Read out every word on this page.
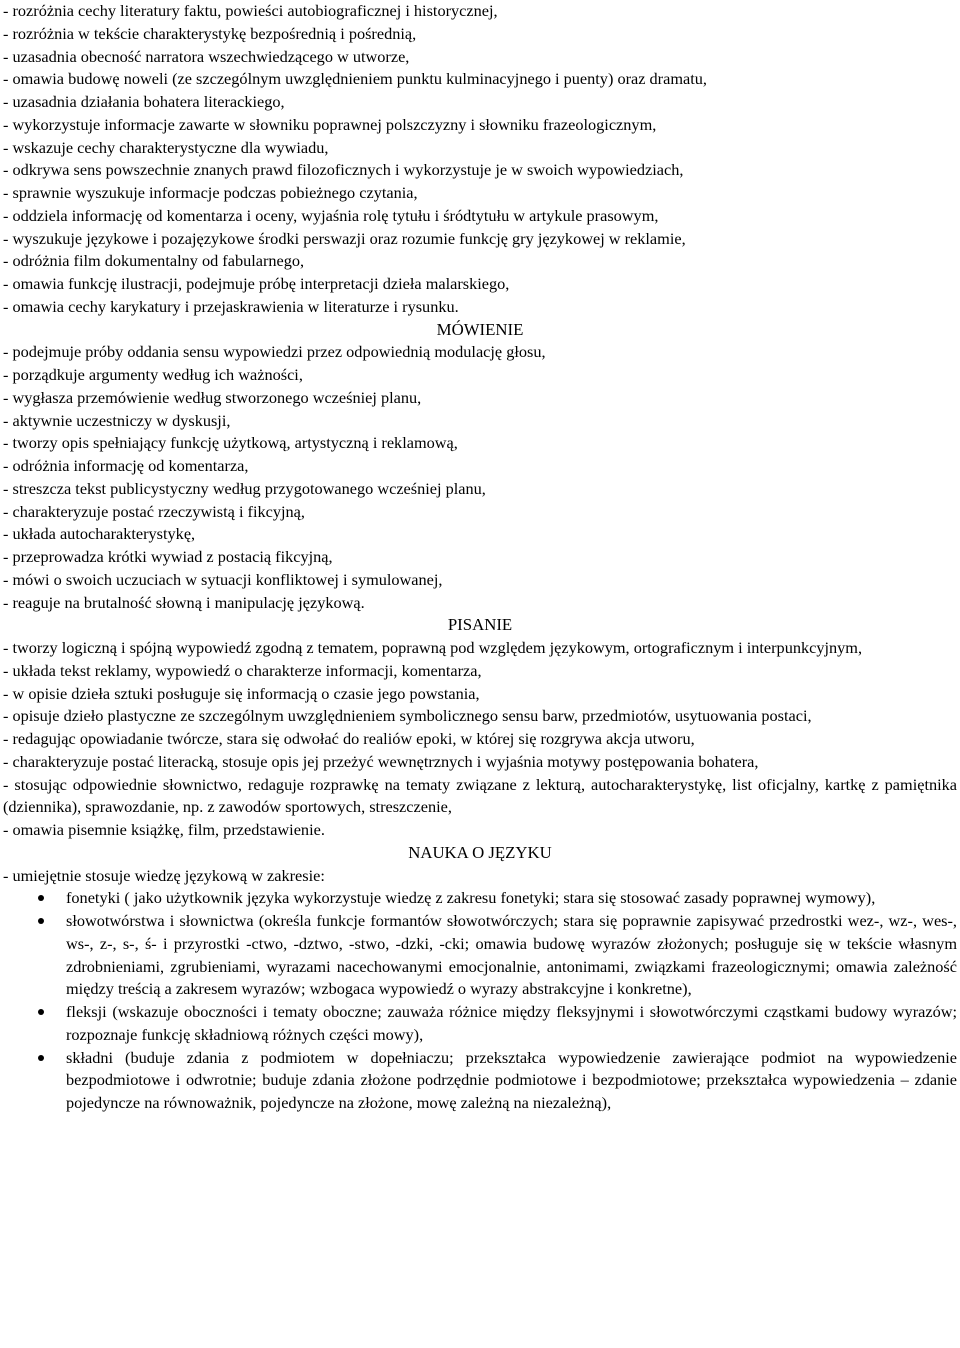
- rozróżnia cechy literatury faktu, powieści autobiograficznej i historycznej,

- rozróżnia w tekście charakterystykę bezpośrednią i pośrednią,

- uzasadnia obecność narratora wszechwiedzącego w utworze,

- omawia budowę noweli (ze szczególnym uwzględnieniem punktu kulminacyjnego i puenty) oraz dramatu,

- uzasadnia działania bohatera literackiego,

- wykorzystuje informacje zawarte w słowniku poprawnej polszczyzny i słowniku frazeologicznym,

- wskazuje cechy charakterystyczne dla wywiadu,

- odkrywa sens powszechnie znanych prawd filozoficznych i wykorzystuje je w swoich wypowiedziach,

- sprawnie wyszukuje informacje podczas pobieżnego czytania,

- oddziela informację od komentarza i oceny, wyjaśnia rolę tytułu i śródtytułu w artykule prasowym,

- wyszukuje językowe i pozajęzykowe środki perswazji oraz rozumie funkcję gry językowej w reklamie,

- odróżnia film dokumentalny od fabularnego,

- omawia funkcję ilustracji, podejmuje próbę interpretacji dzieła malarskiego,

- omawia cechy karykatury i przejaskrawienia w literaturze i rysunku.

MÓWIENIE

- podejmuje próby oddania sensu wypowiedzi przez odpowiednią modulację głosu,

- porządkuje argumenty według ich ważności,

- wygłasza przemówienie według stworzonego wcześniej planu,

- aktywnie uczestniczy w dyskusji,

- tworzy opis spełniający funkcję użytkową, artystyczną i reklamową,

- odróżnia informację od komentarza,

- streszcza tekst publicystyczny według przygotowanego wcześniej planu,

- charakteryzuje postać rzeczywistą i fikcyjną,

- układa autocharakterystykę,

- przeprowadza krótki wywiad z postacią fikcyjną,

- mówi o swoich uczuciach w sytuacji konfliktowej i symulowanej,

- reaguje na brutalność słowną i manipulację językową.

PISANIE

- tworzy logiczną i spójną wypowiedź zgodną z tematem, poprawną pod względem językowym, ortograficznym i interpunkcyjnym,

- układa tekst reklamy, wypowiedź o charakterze informacji, komentarza,

- w opisie dzieła sztuki posługuje się informacją o czasie jego powstania,

- opisuje dzieło plastyczne ze szczególnym uwzględnieniem symbolicznego sensu barw, przedmiotów, usytuowania postaci,

- redagując opowiadanie twórcze, stara się odwołać do realiów epoki, w której się rozgrywa akcja utworu,

- charakteryzuje postać literacką, stosuje opis jej przeżyć wewnętrznych i wyjaśnia motywy postępowania bohatera,

- stosując odpowiednie słownictwo, redaguje rozprawkę na tematy związane z lekturą, autocharakterystykę, list oficjalny, kartkę z pamiętnika (dziennika), sprawozdanie, np. z zawodów sportowych, streszczenie,

- omawia pisemnie książkę, film, przedstawienie.

NAUKA O JĘZYKU

- umiejętnie stosuje wiedzę językową w zakresie:

fonetyki ( jako użytkownik języka wykorzystuje wiedzę z zakresu fonetyki; stara się stosować zasady poprawnej wymowy),
słowotwórstwa i słownictwa (określa funkcje formantów słowotwórczych; stara się poprawnie zapisywać przedrostki wez-, wz-, wes-, ws-, z-, s-, ś- i przyrostki -ctwo, -dztwo, -stwo, -dzki, -cki; omawia budowę wyrazów złożonych; posługuje się w tekście własnym zdrobnieniami, zgrubieniami, wyrazami nacechowanymi emocjonalnie, antonimami, związkami frazeologicznymi; omawia zależność między treścią a zakresem wyrazów; wzbogaca wypowiedź o wyrazy abstrakcyjne i konkretne),
fleksji (wskazuje oboczności i tematy oboczne; zauważa różnice między fleksyjnymi i słowotwórczymi cząstkami budowy wyrazów; rozpoznaje funkcję składniową różnych części mowy),
składni (buduje zdania z podmiotem w dopełniaczu; przekształca wypowiedzenie zawierające podmiot na wypowiedzenie bezpodmiotowe i odwrotnie; buduje zdania złożone podrzędnie podmiotowe i bezpodmiotowe; przekształca wypowiedzenia – zdanie pojedyncze na równoważnik, pojedyncze na złożone, mowę zależną na niezależną),
